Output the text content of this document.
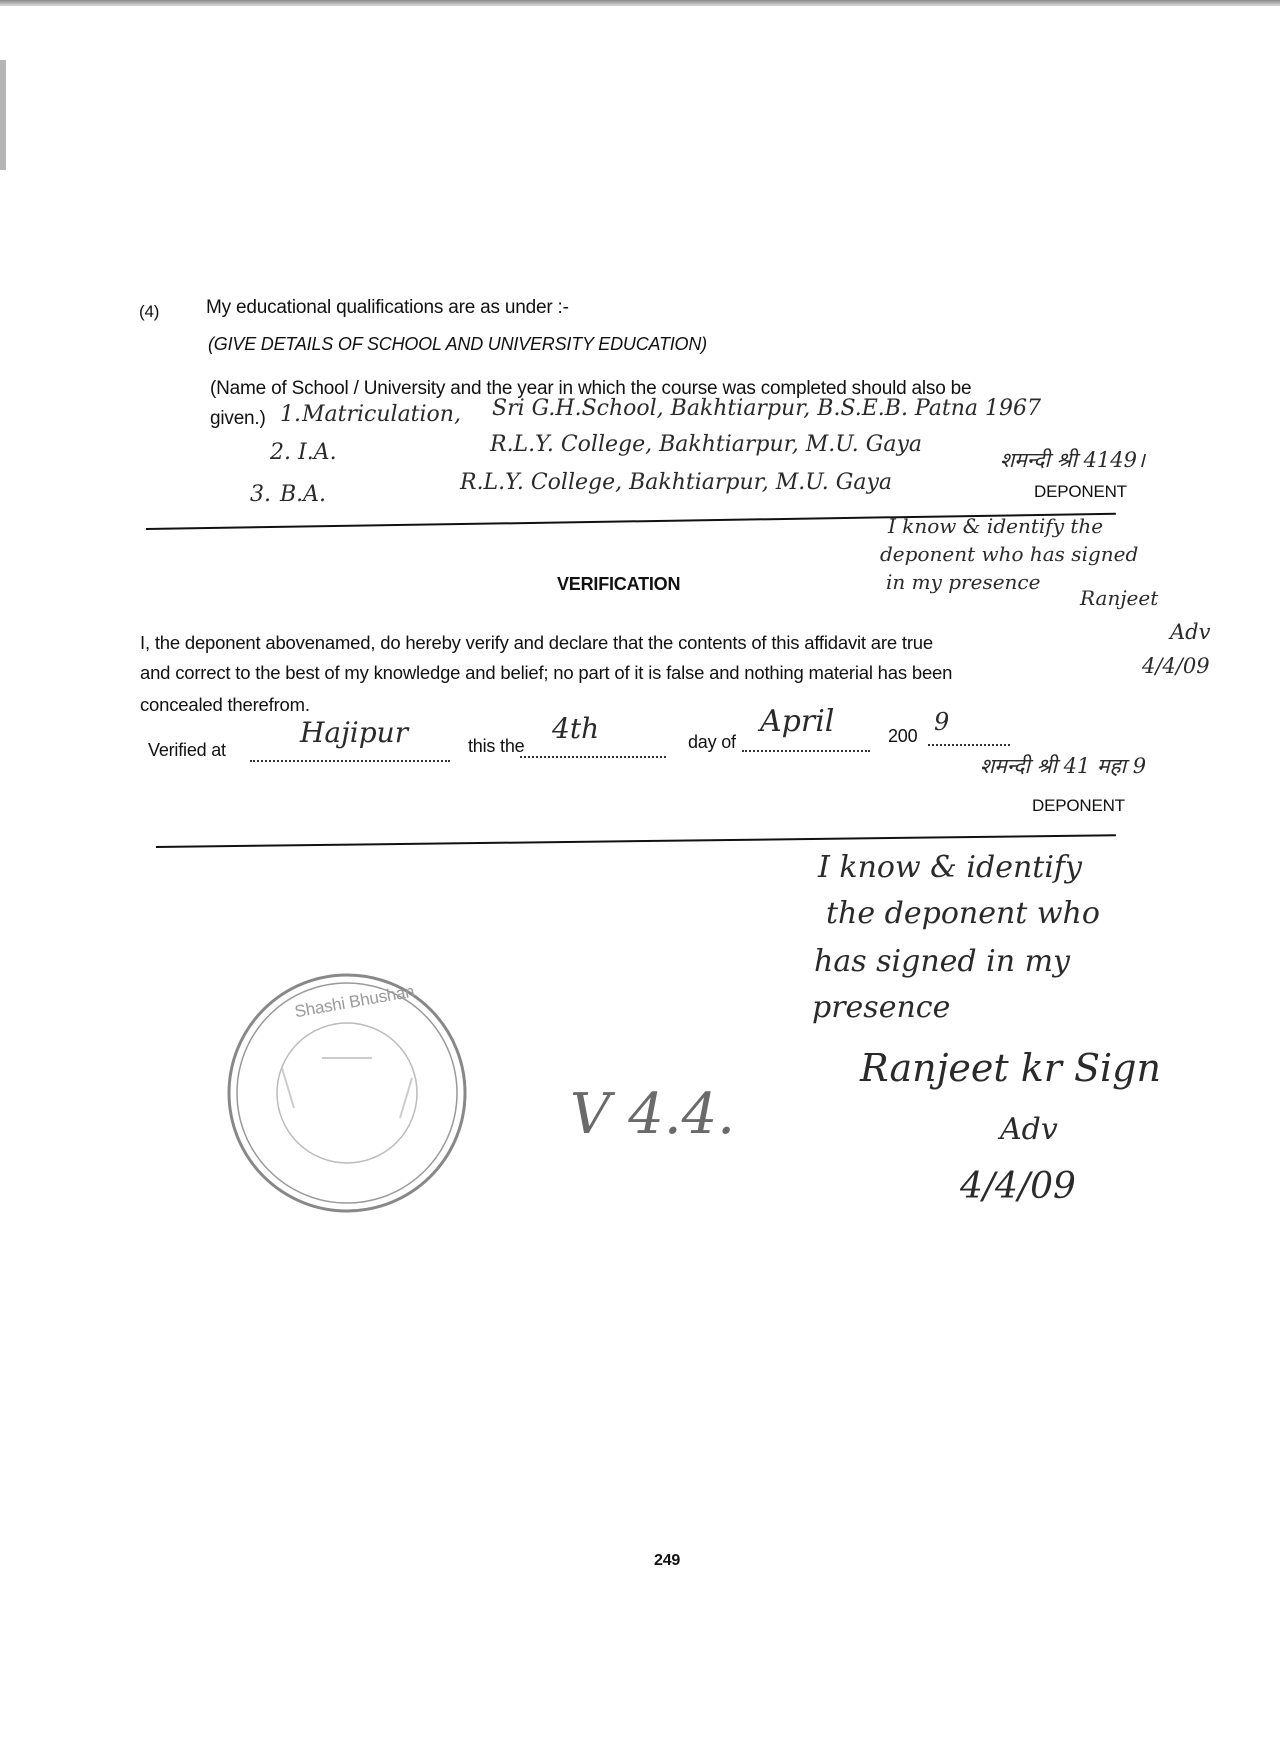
(4) My educational qualifications are as under :-
(GIVE DETAILS OF SCHOOL AND UNIVERSITY EDUCATION)
(Name of School / University and the year in which the course was completed should also be
given.) 1. Matriculation, Sri G.H.School, Bakhtiarpur, B.S.E.B. Patna 1967
2. I.A.	R.L.Y. College, Bakhtiarpur, M.U. Gaya
3. B.A.	R.L.Y. College, Bakhtiarpur, M.U. Gaya
शमन्दी श्री 4149।
DEPONENT
I know & identify the
deponent who has signed
in my presence
Ranjeet
Adv
4/4/09
VERIFICATION
I, the deponent abovenamed, do hereby verify and declare that the contents of this affidavit are true
and correct to the best of my knowledge and belief; no part of it is false and nothing material has been
concealed therefrom.
Verified at
Hajipur	this the
4th	day of
April	200 9
शमन्दी श्री 41 महा 9
DEPONENT
I know & identify
the deponent who
has signed in my
presence
Ranjeet kr Sign
Adv
4/4/09
Shashi Bhushan
V 4.4.
249
